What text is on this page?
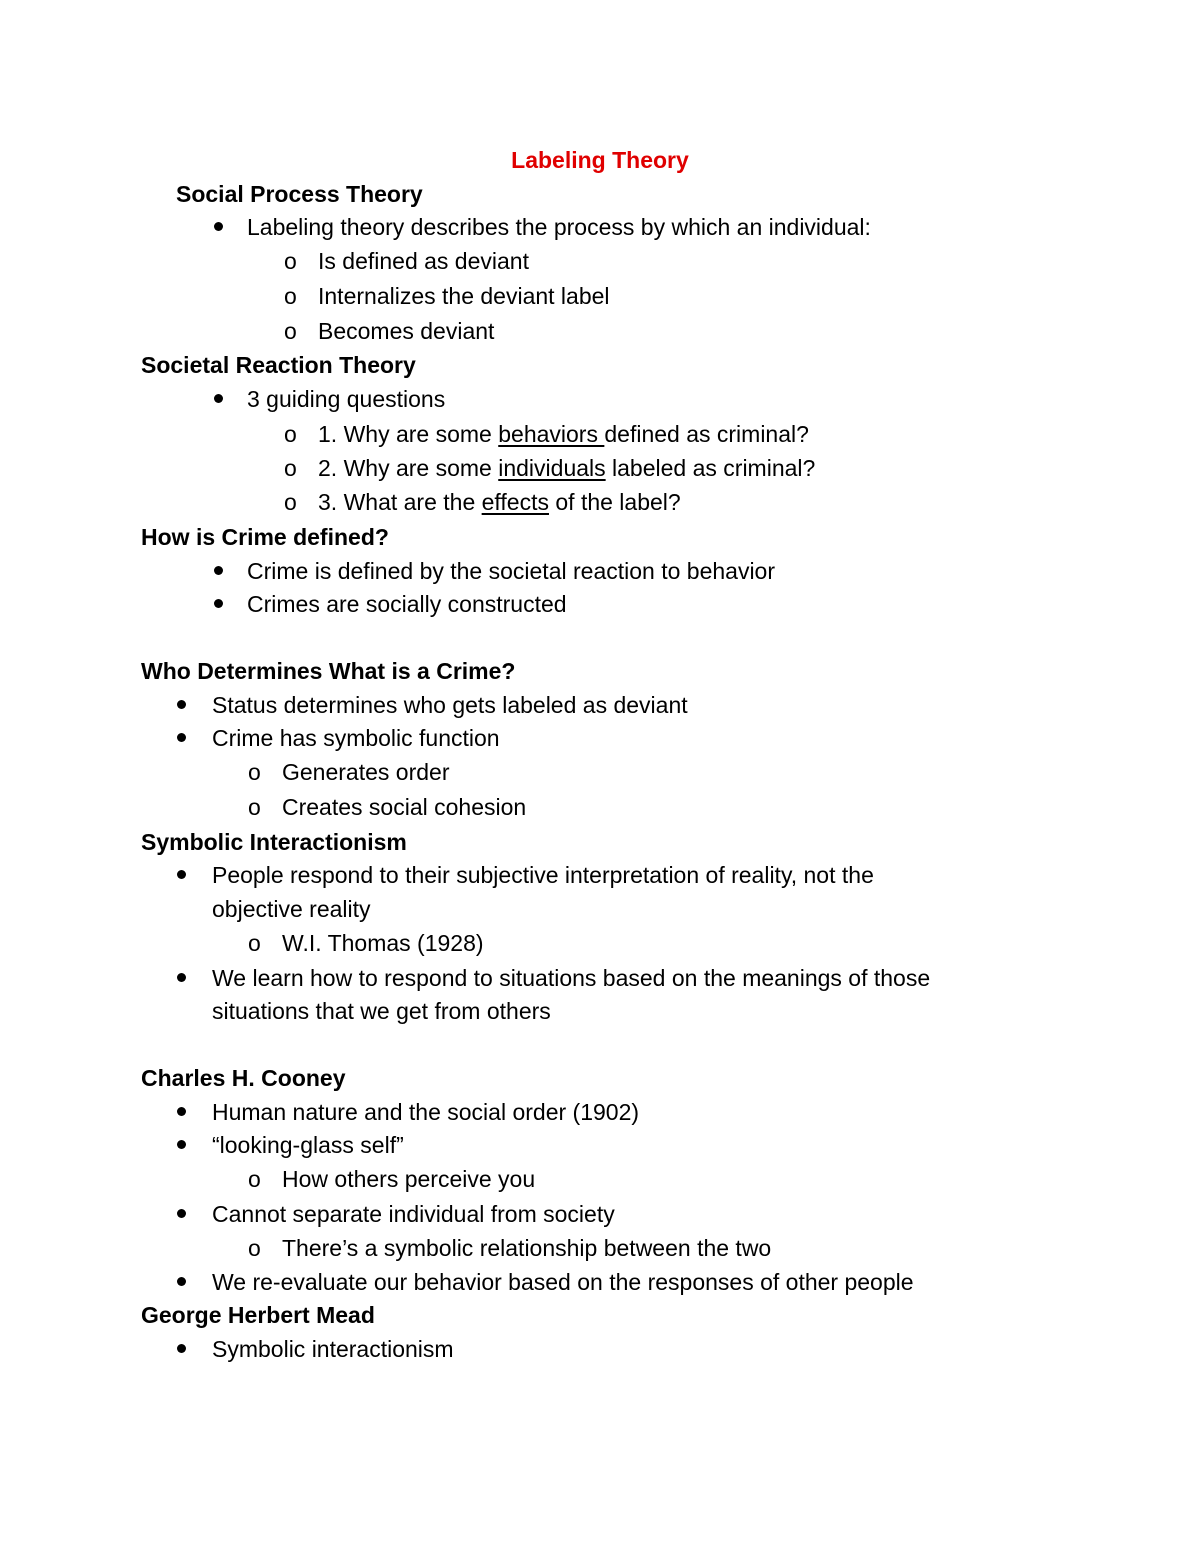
Labeling Theory
Social Process Theory
Labeling theory describes the process by which an individual:
o Is defined as deviant
o Internalizes the deviant label
o Becomes deviant
Societal Reaction Theory
3 guiding questions
o 1. Why are some behaviors defined as criminal?
o 2. Why are some individuals labeled as criminal?
o 3. What are the effects of the label?
How is Crime defined?
Crime is defined by the societal reaction to behavior
Crimes are socially constructed
Who Determines What is a Crime?
Status determines who gets labeled as deviant
Crime has symbolic function
o Generates order
o Creates social cohesion
Symbolic Interactionism
People respond to their subjective interpretation of reality, not the
objective reality
o W.I. Thomas (1928)
We learn how to respond to situations based on the meanings of those
situations that we get from others
Charles H. Cooney
Human nature and the social order (1902)
“looking-glass self”
o How others perceive you
Cannot separate individual from society
o There’s a symbolic relationship between the two
We re-evaluate our behavior based on the responses of other people
George Herbert Mead
Symbolic interactionism
